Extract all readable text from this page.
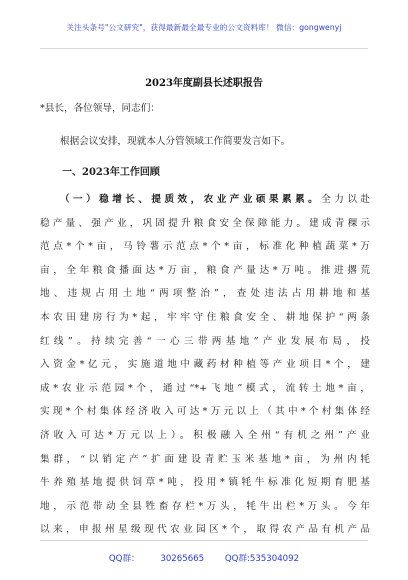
关注头条号"公文研究"，获得最新最全最专业的公文资料库！ 微信：gongwenyj
2023年度副县长述职报告
*县长，各位领导，同志们：
根据会议安排，现就本人分管领域工作简要发言如下。
一、2023年工作回顾
（一）稳增长、提质效，农业产业硕果累累。全力以赴
稳产量、强产业，巩固提升粮食安全保障能力。建成青稞示
范点*个*亩，马铃薯示范点*个*亩，标准化种植蔬菜*万
亩，全年粮食播面达*万亩，粮食产量达*万吨。推进撂荒
地、违规占用土地“两项整治”，查处违法占用耕地和基
本农田建房行为*起，牢牢守住粮食安全、耕地保护“两条
红线”。持续完善“一心三带两基地”产业发展布局，投
入资金*亿元，实施道地中藏药材种植等产业项目*个，建
成*农业示范园*个，通过“*+飞地”模式，流转土地*亩，
实现*个村集体经济收入可达*万元以上（其中*个村集体经
济收入可达*万元以上）。积极融入全州“有机之州”产业
集群，“以销定产”扩面建设青贮玉米基地*亩，为州内牦
牛养殖基地提供饲草*吨，投用*镇牦牛标准化短期育肥基
地，示范带动全县牲畜存栏*万头，牦牛出栏*万头。今年
以来，申报州星级现代农业园区*个，取得农产品有机产品
QQ群： 30265665 QQ群:535304092
